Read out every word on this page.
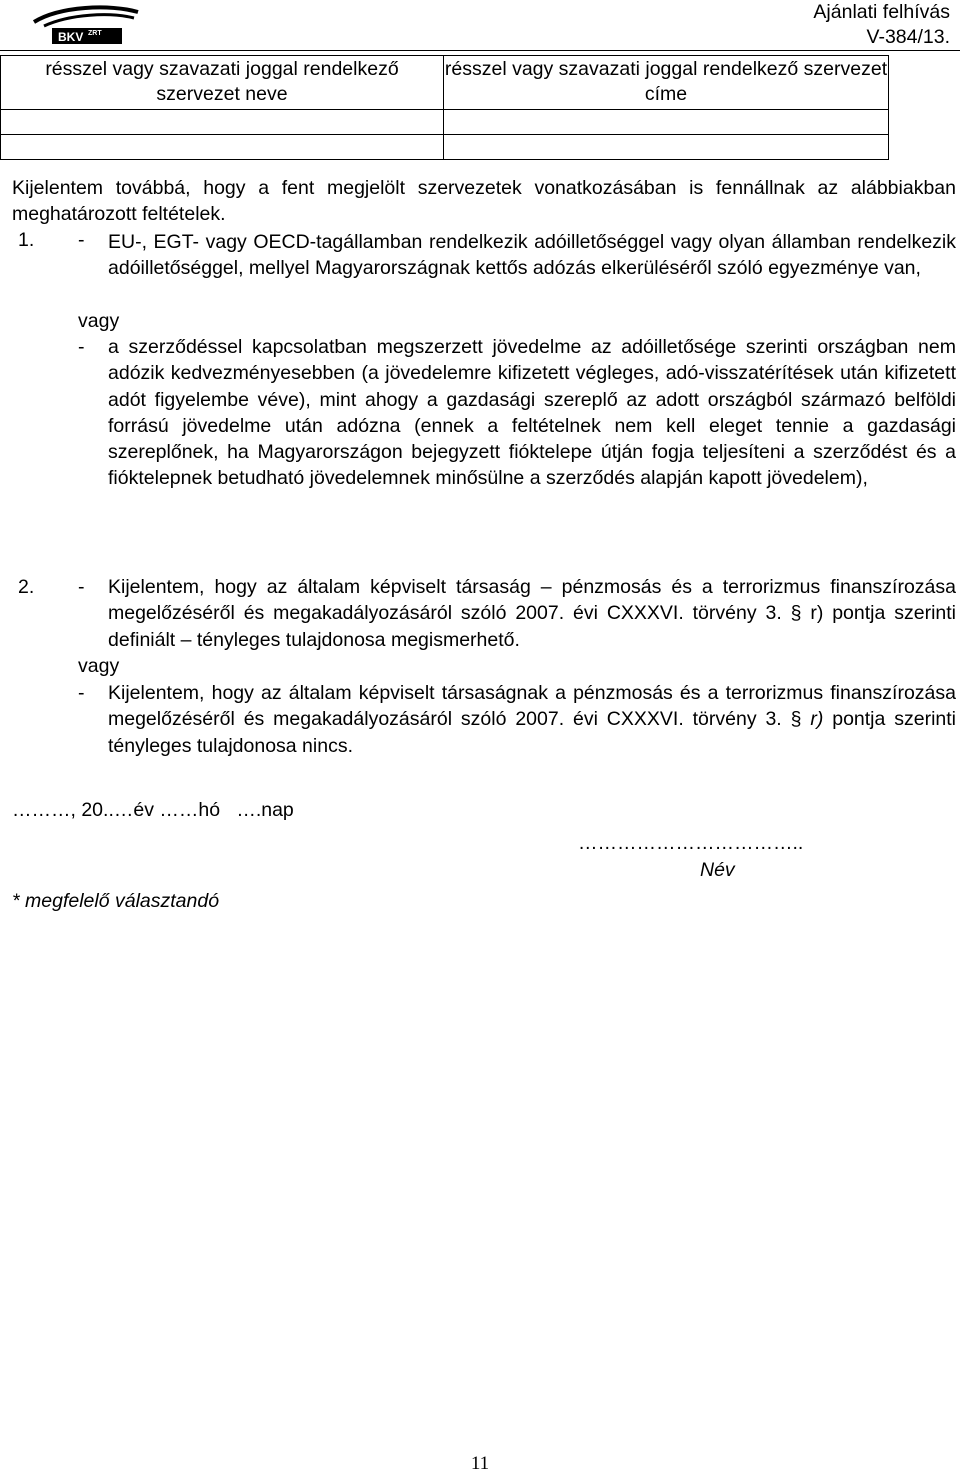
BKV ZRT
Ajánlati felhívás
V-384/13.
résszel vagy szavazati joggal rendelkező szervezet neve	résszel vagy szavazati joggal rendelkező szervezet címe

Kijelentem továbbá, hogy a fent megjelölt szervezetek vonatkozásában is fennállnak az alábbiakban meghatározott feltételek.
1. - EU-, EGT- vagy OECD-tagállamban rendelkezik adóilletőséggel vagy olyan államban rendelkezik adóilletőséggel, mellyel Magyarországnak kettős adózás elkerüléséről szóló egyezménye van,
vagy
- a szerződéssel kapcsolatban megszerzett jövedelme az adóilletősége szerinti országban nem adózik kedvezményesebben (a jövedelemre kifizetett végleges, adó-visszatérítések után kifizetett adót figyelembe véve), mint ahogy a gazdasági szereplő az adott országból származó belföldi forrású jövedelme után adózna (ennek a feltételnek nem kell eleget tennie a gazdasági szereplőnek, ha Magyarországon bejegyzett fióktelepe útján fogja teljesíteni a szerződést és a fióktelepnek betudható jövedelemnek minősülne a szerződés alapján kapott jövedelem),
2. - Kijelentem, hogy az általam képviselt társaság – pénzmosás és a terrorizmus finanszírozása megelőzéséről és megakadályozásáról szóló 2007. évi CXXXVI. törvény 3. § r) pontja szerinti definiált – tényleges tulajdonosa megismerhető.
vagy
- Kijelentem, hogy az általam képviselt társaságnak a pénzmosás és a terrorizmus finanszírozása megelőzéséről és megakadályozásáról szóló 2007. évi CXXXVI. törvény 3. § r) pontja szerinti tényleges tulajdonosa nincs.
………, 20..…év ……hó   ….nap
……………………………..
Név
* megfelelő választandó
11
